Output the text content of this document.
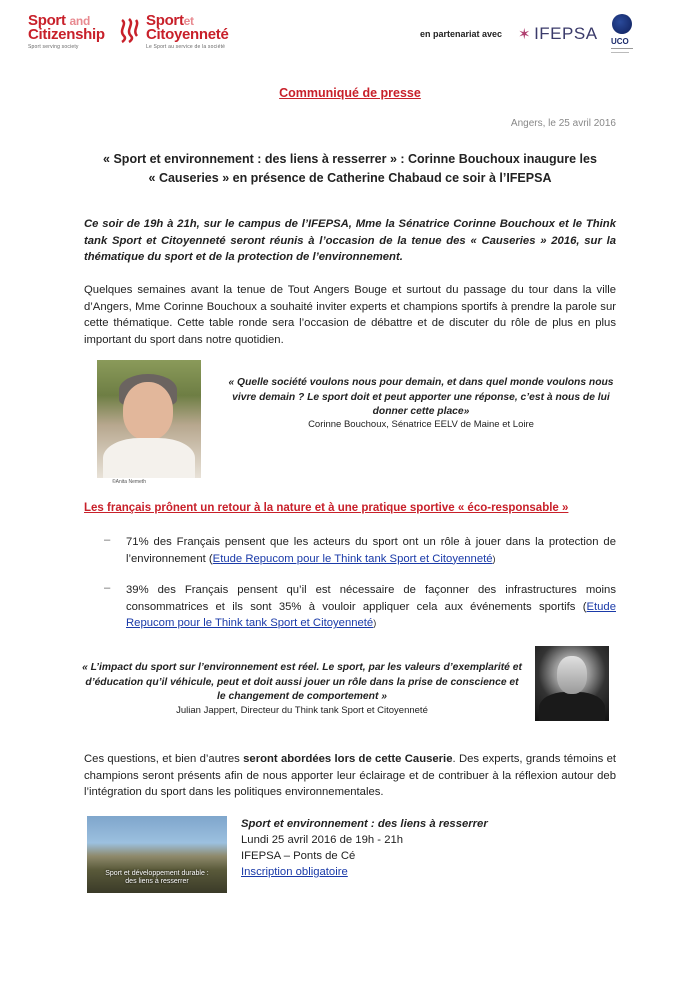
Sport and
Citizenship
Sport serving society
Sportet
Citoyenneté
Le Sport au service de la société
en partenariat avec ✶ IFEPSA UCO
Communiqué de presse
Angers, le 25 avril 2016
« Sport et environnement : des liens à resserrer » : Corinne Bouchoux inaugure les
« Causeries » en présence de Catherine Chabaud ce soir à l’IFEPSA
Ce soir de 19h à 21h, sur le campus de l’IFEPSA, Mme la Sénatrice Corinne Bouchoux et le Think tank Sport et Citoyenneté seront réunis à l’occasion de la tenue des « Causeries » 2016, sur la thématique du sport et de la protection de l’environnement.
Quelques semaines avant la tenue de Tout Angers Bouge et surtout du passage du tour dans la ville d’Angers, Mme Corinne Bouchoux a souhaité inviter experts et champions sportifs à prendre la parole sur cette thématique. Cette table ronde sera l’occasion de débattre et de discuter du rôle de plus en plus important du sport dans notre quotidien.
©Anita Nemeth
« Quelle société voulons nous pour demain, et dans quel monde voulons nous vivre demain ? Le sport doit et peut apporter une réponse, c’est à nous de lui donner cette place»
Corinne Bouchoux, Sénatrice EELV de Maine et Loire
Les français prônent un retour à la nature et à une pratique sportive « éco-responsable »
– 71% des Français pensent que les acteurs du sport ont un rôle à jouer dans la protection de l’environnement (Etude Repucom pour le Think tank Sport et Citoyenneté)
– 39% des Français pensent qu’il est nécessaire de façonner des infrastructures moins consommatrices et ils sont 35% à vouloir appliquer cela aux événements sportifs (Etude Repucom pour le Think tank Sport et Citoyenneté)
« L’impact du sport sur l’environnement est réel. Le sport, par les valeurs d’exemplarité et d’éducation qu’il véhicule, peut et doit aussi jouer un rôle dans la prise de conscience et le changement de comportement »
Julian Jappert, Directeur du Think tank Sport et Citoyenneté
Ces questions, et bien d’autres seront abordées lors de cette Causerie. Des experts, grands témoins et champions seront présents afin de nous apporter leur éclairage et de contribuer à la réflexion autour deb l’intégration du sport dans les politiques environnementales.
Sport et développement durable :
des liens à resserrer
Sport et environnement : des liens à resserrer
Lundi 25 avril 2016 de 19h - 21h
IFEPSA – Ponts de Cé
Inscription obligatoire
